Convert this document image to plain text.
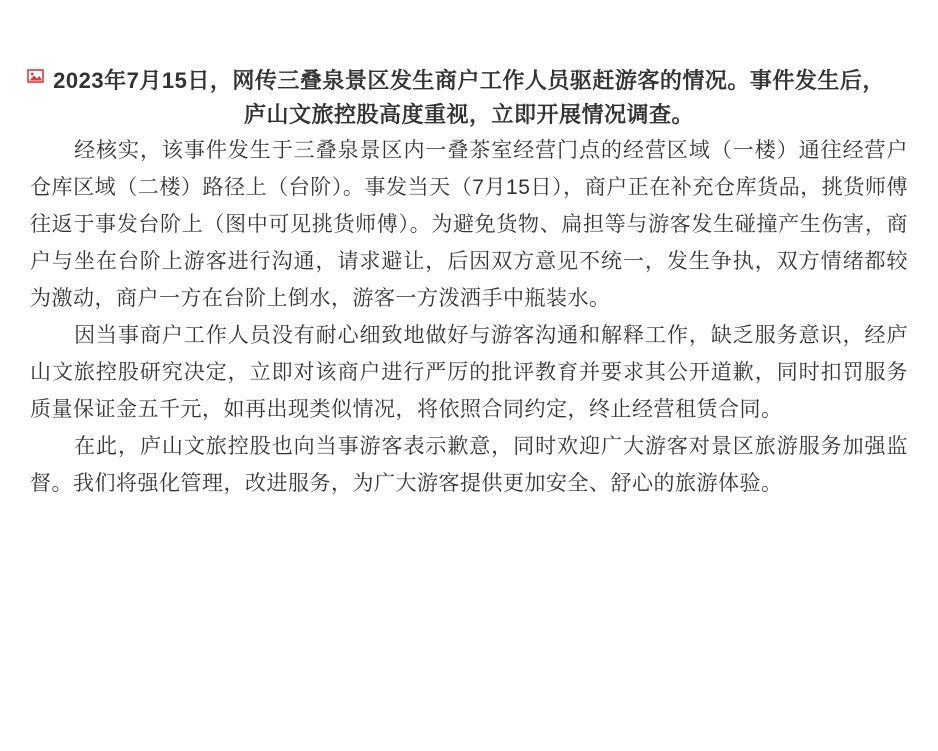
2023年7月15日，网传三叠泉景区发生商户工作人员驱赶游客的情况。事件发生后，庐山文旅控股高度重视，立即开展情况调查。

经核实，该事件发生于三叠泉景区内一叠茶室经营门点的经营区域（一楼）通往经营户仓库区域（二楼）路径上（台阶）。事发当天（7月15日），商户正在补充仓库货品，挑货师傅往返于事发台阶上（图中可见挑货师傅）。为避免货物、扁担等与游客发生碰撞产生伤害，商户与坐在台阶上游客进行沟通，请求避让，后因双方意见不统一，发生争执，双方情绪都较为激动，商户一方在台阶上倒水，游客一方泼洒手中瓶装水。

因当事商户工作人员没有耐心细致地做好与游客沟通和解释工作，缺乏服务意识，经庐山文旅控股研究决定，立即对该商户进行严厉的批评教育并要求其公开道歉，同时扣罚服务质量保证金五千元，如再出现类似情况，将依照合同约定，终止经营租赁合同。

在此，庐山文旅控股也向当事游客表示歉意，同时欢迎广大游客对景区旅游服务加强监督。我们将强化管理，改进服务，为广大游客提供更加安全、舒心的旅游体验。
